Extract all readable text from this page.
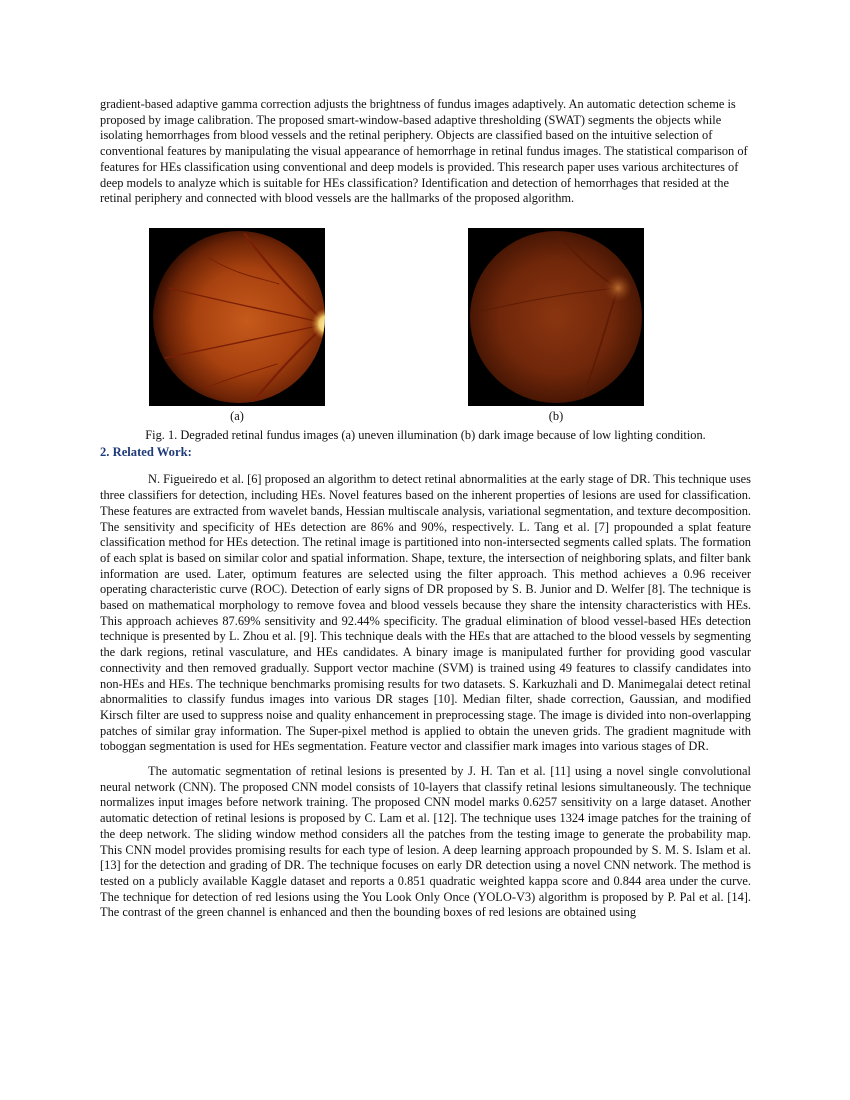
gradient-based adaptive gamma correction adjusts the brightness of fundus images adaptively. An automatic detection scheme is proposed by image calibration. The proposed smart-window-based adaptive thresholding (SWAT) segments the objects while isolating hemorrhages from blood vessels and the retinal periphery. Objects are classified based on the intuitive selection of conventional features by manipulating the visual appearance of hemorrhage in retinal fundus images. The statistical comparison of features for HEs classification using conventional and deep models is provided. This research paper uses various architectures of deep models to analyze which is suitable for HEs classification? Identification and detection of hemorrhages that resided at the retinal periphery and connected with blood vessels are the hallmarks of the proposed algorithm.

(a)	(b)
Fig. 1. Degraded retinal fundus images (a) uneven illumination (b) dark image because of low lighting condition.
2. Related Work:

N. Figueiredo et al. [6] proposed an algorithm to detect retinal abnormalities at the early stage of DR. This technique uses three classifiers for detection, including HEs. Novel features based on the inherent properties of lesions are used for classification. These features are extracted from wavelet bands, Hessian multiscale analysis, variational segmentation, and texture decomposition. The sensitivity and specificity of HEs detection are 86% and 90%, respectively. L. Tang et al. [7] propounded a splat feature classification method for HEs detection. The retinal image is partitioned into non-intersected segments called splats. The formation of each splat is based on similar color and spatial information. Shape, texture, the intersection of neighboring splats, and filter bank information are used. Later, optimum features are selected using the filter approach. This method achieves a 0.96 receiver operating characteristic curve (ROC). Detection of early signs of DR proposed by S. B. Junior and D. Welfer [8]. The technique is based on mathematical morphology to remove fovea and blood vessels because they share the intensity characteristics with HEs. This approach achieves 87.69% sensitivity and 92.44% specificity. The gradual elimination of blood vessel-based HEs detection technique is presented by L. Zhou et al. [9]. This technique deals with the HEs that are attached to the blood vessels by segmenting the dark regions, retinal vasculature, and HEs candidates. A binary image is manipulated further for providing good vascular connectivity and then removed gradually. Support vector machine (SVM) is trained using 49 features to classify candidates into non-HEs and HEs. The technique benchmarks promising results for two datasets. S. Karkuzhali and D. Manimegalai detect retinal abnormalities to classify fundus images into various DR stages [10]. Median filter, shade correction, Gaussian, and modified Kirsch filter are used to suppress noise and quality enhancement in preprocessing stage. The image is divided into non-overlapping patches of similar gray information. The Super-pixel method is applied to obtain the uneven grids. The gradient magnitude with toboggan segmentation is used for HEs segmentation. Feature vector and classifier mark images into various stages of DR.

The automatic segmentation of retinal lesions is presented by J. H. Tan et al. [11] using a novel single convolutional neural network (CNN). The proposed CNN model consists of 10-layers that classify retinal lesions simultaneously. The technique normalizes input images before network training. The proposed CNN model marks 0.6257 sensitivity on a large dataset. Another automatic detection of retinal lesions is proposed by C. Lam et al. [12]. The technique uses 1324 image patches for the training of the deep network. The sliding window method considers all the patches from the testing image to generate the probability map. This CNN model provides promising results for each type of lesion. A deep learning approach propounded by S. M. S. Islam et al. [13] for the detection and grading of DR. The technique focuses on early DR detection using a novel CNN network. The method is tested on a publicly available Kaggle dataset and reports a 0.851 quadratic weighted kappa score and 0.844 area under the curve. The technique for detection of red lesions using the You Look Only Once (YOLO-V3) algorithm is proposed by P. Pal et al. [14]. The contrast of the green channel is enhanced and then the bounding boxes of red lesions are obtained using
